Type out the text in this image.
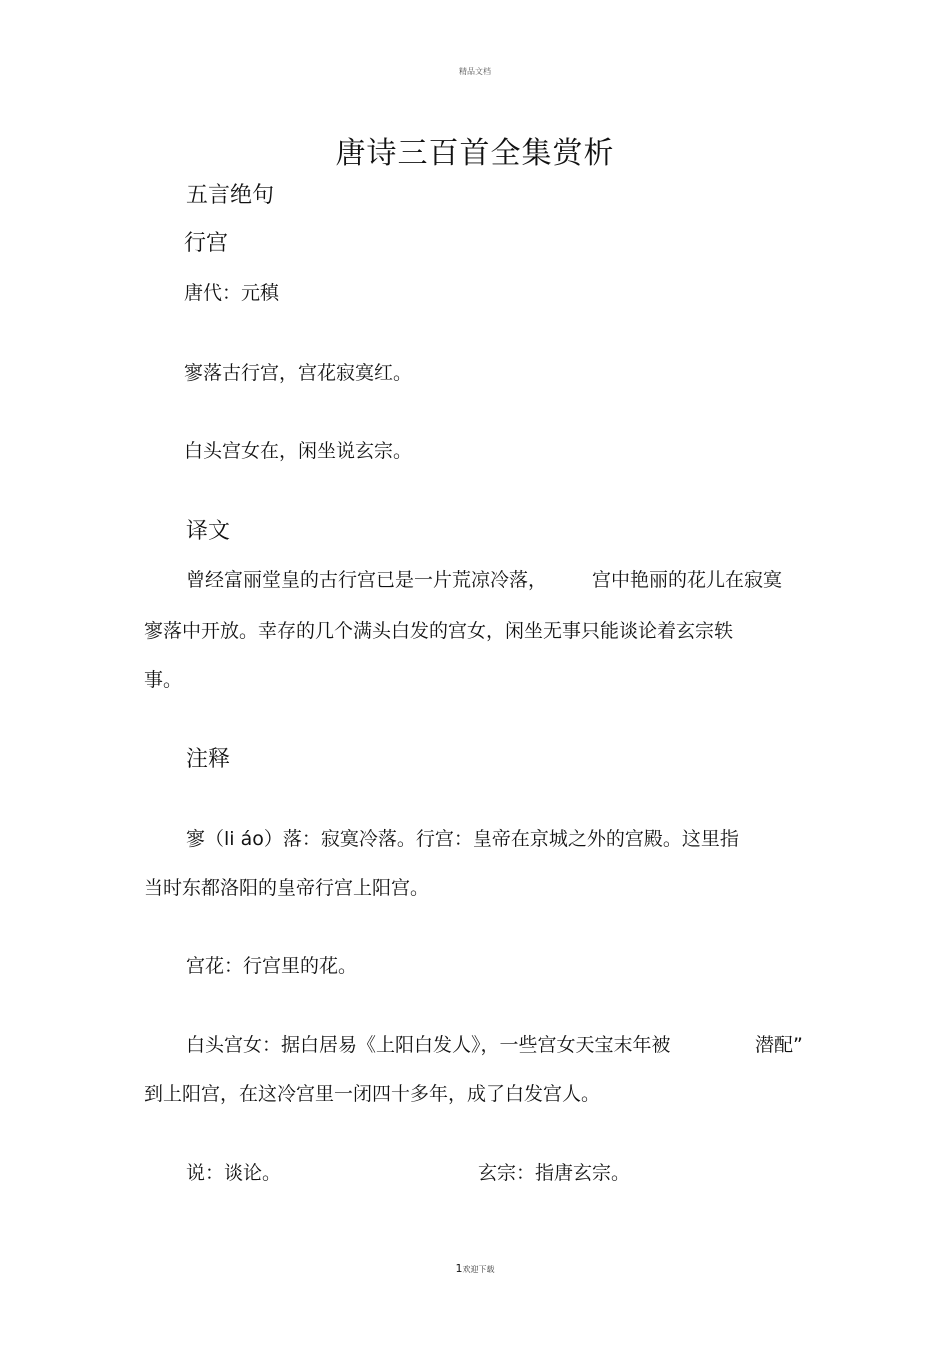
精品文档
唐诗三百首全集赏析
五言绝句
行宫
唐代：元稹
寥落古行宫，宫花寂寞红。
白头宫女在，闲坐说玄宗。
译文
曾经富丽堂皇的古行宫已是一片荒凉冷落， 宫中艳丽的花儿在寂寞
寥落中开放。幸存的几个满头白发的宫女，闲坐无事只能谈论着玄宗轶
事。
注释
寥（li áo）落：寂寞冷落。行宫：皇帝在京城之外的宫殿。这里指
当时东都洛阳的皇帝行宫上阳宫。
宫花：行宫里的花。
白头宫女：据白居易《上阳白发人》，一些宫女天宝末年被	潜配”
到上阳宫，在这冷宫里一闭四十多年，成了白发宫人。
说：谈论。	玄宗：指唐玄宗。
1欢迎下载
